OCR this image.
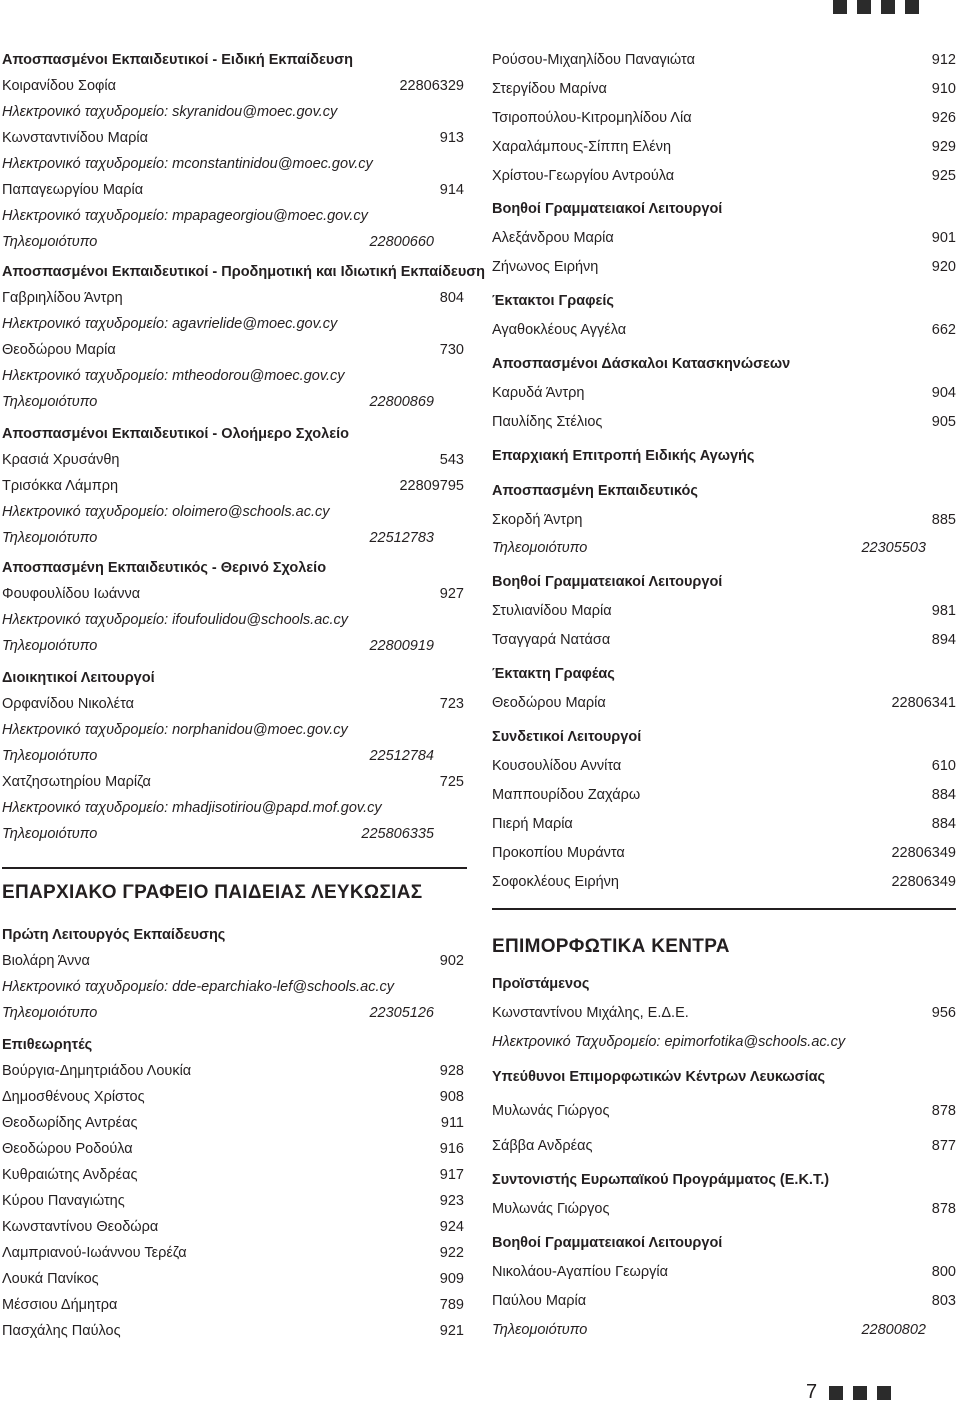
Αποσπασμένοι Εκπαιδευτικοί - Ειδική Εκπαίδευση
Κοιρανίδου Σοφία	22806329
Ηλεκτρονικό ταχυδρομείο: skyranidou@moec.gov.cy
Κωνσταντινίδου Μαρία	913
Ηλεκτρονικό ταχυδρομείο: mconstantinidou@moec.gov.cy
Παπαγεωργίου Μαρία	914
Ηλεκτρονικό ταχυδρομείο: mpapageorgiou@moec.gov.cy
Τηλεομοιότυπο	22800660
Αποσπασμένοι Εκπαιδευτικοί - Προδημοτική και Ιδιωτική Εκπαίδευση
Γαβριηλίδου Άντρη	804
Ηλεκτρονικό ταχυδρομείο: agavrielide@moec.gov.cy
Θεοδώρου Μαρία	730
Ηλεκτρονικό ταχυδρομείο: mtheodorou@moec.gov.cy
Τηλεομοιότυπο	22800869
Αποσπασμένοι Εκπαιδευτικοί - Ολοήμερο Σχολείο
Κρασιά Χρυσάνθη	543
Τρισόκκα Λάμπρη	22809795
Ηλεκτρονικό ταχυδρομείο: oloimero@schools.ac.cy
Τηλεομοιότυπο	22512783
Αποσπασμένη Εκπαιδευτικός - Θερινό Σχολείο
Φουφουλίδου Ιωάννα	927
Ηλεκτρονικό ταχυδρομείο: ifoufoulidou@schools.ac.cy
Τηλεομοιότυπο	22800919
Διοικητικοί Λειτουργοί
Ορφανίδου Νικολέτα	723
Ηλεκτρονικό ταχυδρομείο: norphanidou@moec.gov.cy
Τηλεομοιότυπο	22512784
Χατζησωτηρίου Μαρίζα	725
Ηλεκτρονικό ταχυδρομείο: mhadjisotiriou@papd.mof.gov.cy
Τηλεομοιότυπο	225806335
ΕΠΑΡΧΙΑΚΟ ΓΡΑΦΕΙΟ ΠΑΙΔΕΙΑΣ ΛΕΥΚΩΣΙΑΣ
Πρώτη Λειτουργός Εκπαίδευσης
Βιολάρη Άννα	902
Ηλεκτρονικό ταχυδρομείο: dde-eparchiako-lef@schools.ac.cy
Τηλεομοιότυπο	22305126
Επιθεωρητές
Βούργια-Δημητριάδου Λουκία	928
Δημοσθένους Χρίστος	908
Θεοδωρίδης Αντρέας	911
Θεοδώρου Ροδούλα	916
Κυθραιώτης Ανδρέας	917
Κύρου Παναγιώτης	923
Κωνσταντίνου Θεοδώρα	924
Λαμπριανού-Ιωάννου Τερέζα	922
Λουκά Πανίκος	909
Μέσσιου Δήμητρα	789
Πασχάλης Παύλος	921
Ρούσου-Μιχαηλίδου Παναγιώτα	912
Στεργίδου Μαρίνα	910
Τσιροπούλου-Κιτρομηλίδου Λία	926
Χαραλάμπους-Σίππη Ελένη	929
Χρίστου-Γεωργίου Αντρούλα	925
Βοηθοί Γραμματειακοί Λειτουργοί
Αλεξάνδρου Μαρία	901
Ζήνωνος Ειρήνη	920
Έκτακτοι Γραφείς
Αγαθοκλέους Αγγέλα	662
Αποσπασμένοι Δάσκαλοι Κατασκηνώσεων
Καρυδά Άντρη	904
Παυλίδης Στέλιος	905
Επαρχιακή Επιτροπή Ειδικής Αγωγής
Αποσπασμένη Εκπαιδευτικός
Σκορδή Άντρη	885
Τηλεομοιότυπο	22305503
Βοηθοί Γραμματειακοί Λειτουργοί
Στυλιανίδου Μαρία	981
Τσαγγαρά Νατάσα	894
Έκτακτη Γραφέας
Θεοδώρου Μαρία	22806341
Συνδετικοί Λειτουργοί
Κουσουλίδου Αννίτα	610
Μαππουρίδου Ζαχάρω	884
Πιερή Μαρία	884
Προκοπίου Μυράντα	22806349
Σοφοκλέους Ειρήνη	22806349
ΕΠΙΜΟΡΦΩΤΙΚΑ ΚΕΝΤΡΑ
Προϊστάμενος
Κωνσταντίνου Μιχάλης, Ε.Δ.Ε.	956
Ηλεκτρονικό Ταχυδρομείο: epimorfotika@schools.ac.cy
Υπεύθυνοι Επιμορφωτικών Κέντρων Λευκωσίας
Μυλωνάς Γιώργος	878
Σάββα Ανδρέας	877
Συντονιστής Ευρωπαϊκού Προγράμματος (Ε.Κ.Τ.)
Μυλωνάς Γιώργος	878
Βοηθοί Γραμματειακοί Λειτουργοί
Νικολάου-Αγαπίου Γεωργία	800
Παύλου Μαρία	803
Τηλεομοιότυπο	22800802
7
